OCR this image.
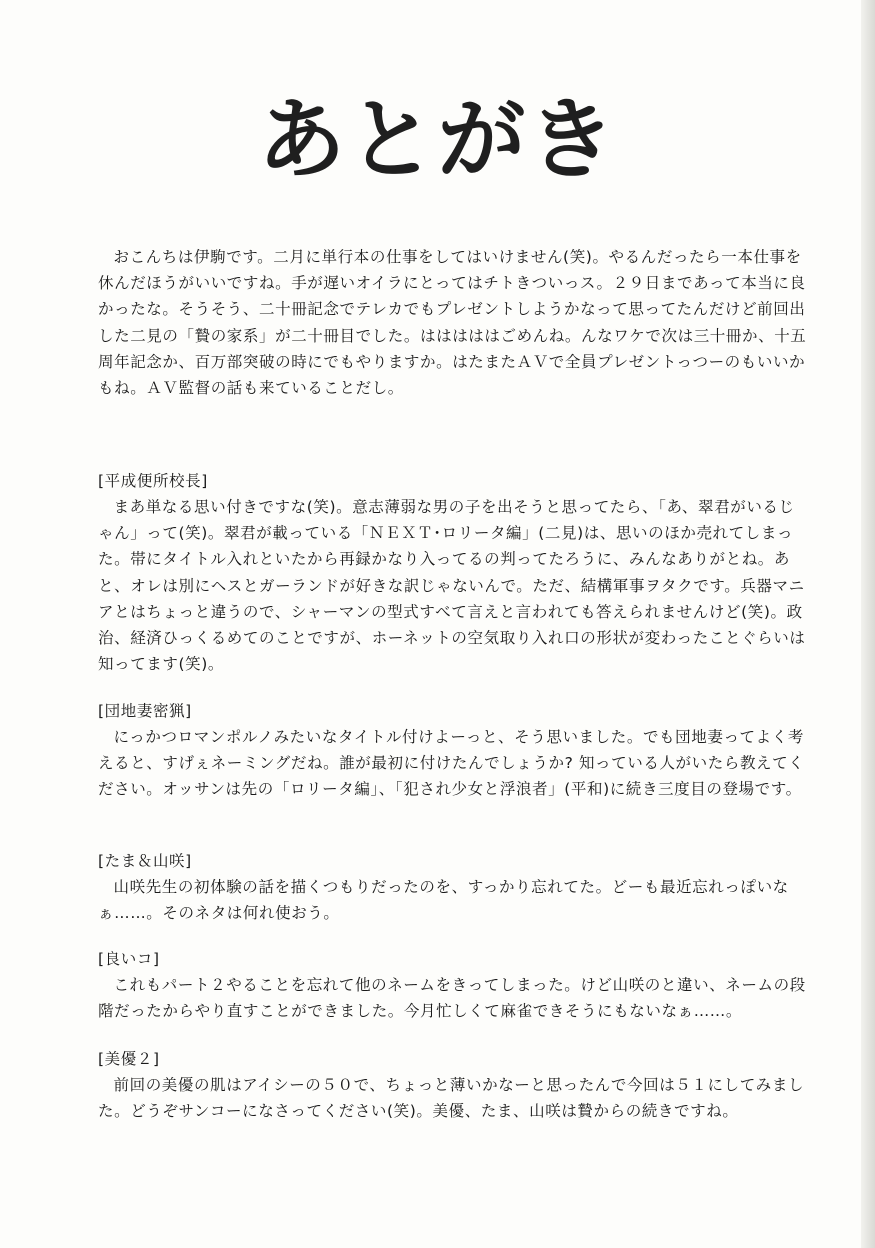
あとがき

おこんちは伊駒です。二月に単行本の仕事をしてはいけません(笑)。やるんだったら一本仕事を休んだほうがいいですね。手が遅いオイラにとってはチトきついっス。２９日まであって本当に良かったな。そうそう、二十冊記念でテレカでもプレゼントしようかなって思ってたんだけど前回出した二見の「贄の家系」が二十冊目でした。はははははごめんね。んなワケで次は三十冊か、十五周年記念か、百万部突破の時にでもやりますか。はたまたＡＶで全員プレゼントっつーのもいいかもね。ＡＶ監督の話も来ていることだし。

[平成便所校長]
まあ単なる思い付きですな(笑)。意志薄弱な男の子を出そうと思ってたら、「あ、翠君がいるじゃん」って(笑)。翠君が載っている「ＮＥＸＴ･ロリータ編」(二見)は、思いのほか売れてしまった。帯にタイトル入れといたから再録かなり入ってるの判ってたろうに、みんなありがとね。あと、オレは別にヘスとガーランドが好きな訳じゃないんで。ただ、結構軍事ヲタクです。兵器マニアとはちょっと違うので、シャーマンの型式すべて言えと言われても答えられませんけど(笑)。政治、経済ひっくるめてのことですが、ホーネットの空気取り入れ口の形状が変わったことぐらいは知ってます(笑)。
[団地妻密猟]
にっかつロマンポルノみたいなタイトル付けよーっと、そう思いました。でも団地妻ってよく考えると、すげぇネーミングだね。誰が最初に付けたんでしょうか? 知っている人がいたら教えてください。オッサンは先の「ロリータ編」、「犯され少女と浮浪者」(平和)に続き三度目の登場です。
[たま＆山咲]
山咲先生の初体験の話を描くつもりだったのを、すっかり忘れてた。どーも最近忘れっぽいなぁ……。そのネタは何れ使おう。
[良いコ]
これもパート２やることを忘れて他のネームをきってしまった。けど山咲のと違い、ネームの段階だったからやり直すことができました。今月忙しくて麻雀できそうにもないなぁ……。
[美優２]
前回の美優の肌はアイシーの５０で、ちょっと薄いかなーと思ったんで今回は５１にしてみました。どうぞサンコーになさってください(笑)。美優、たま、山咲は贄からの続きですね。
